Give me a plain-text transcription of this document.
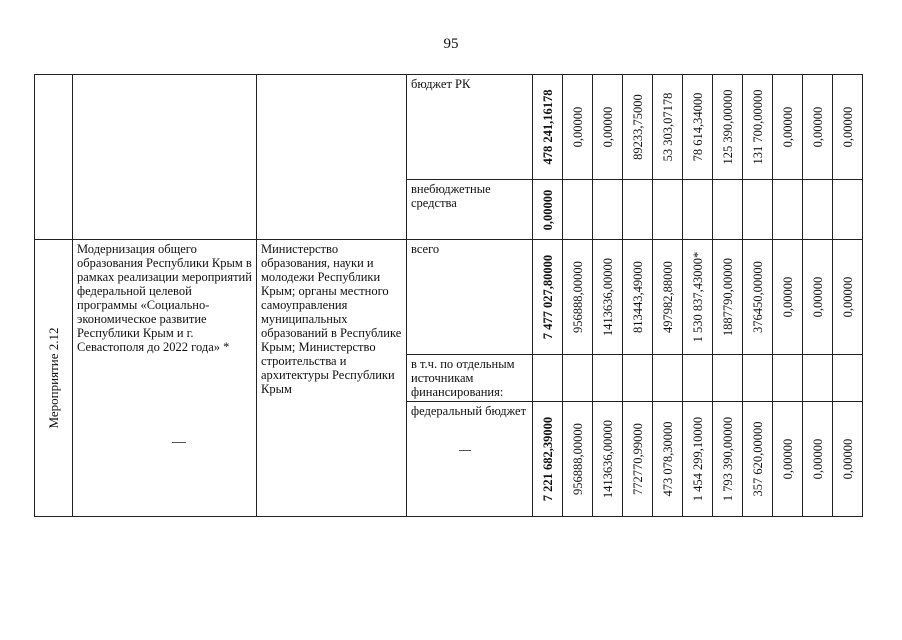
95
			бюджет РК	478 241,16178	0,00000	0,00000	89233,75000	53 303,07178	78 614,34000	125 390,00000	131 700,00000	0,00000	0,00000	0,00000

			внебюджетные средства	0,00000										

Мероприятие 2.12	Модернизация общего образования Республики Крым в рамках реализации мероприятий федеральной целевой программы «Социально-экономическое развитие Республики Крым и г. Севастополя до 2022 года» *	Министерство образования, науки и молодежи Республики Крым; органы местного самоуправления муниципальных образований в Республике Крым; Министерство строительства и архитектуры Республики Крым	всего	7 477 027,80000	956888,00000	1413636,00000	813443,49000	497982,88000	1 530 837,43000*	1887790,00000	376450,00000	0,00000	0,00000	0,00000

			в т.ч. по отдельным источникам финансирования:											
			федеральный бюджет	7 221 682,39000	956888,00000	1413636,00000	772770,99000	473 078,30000	1 454 299,10000	1 793 390,00000	357 620,00000	0,00000	0,00000	0,00000
